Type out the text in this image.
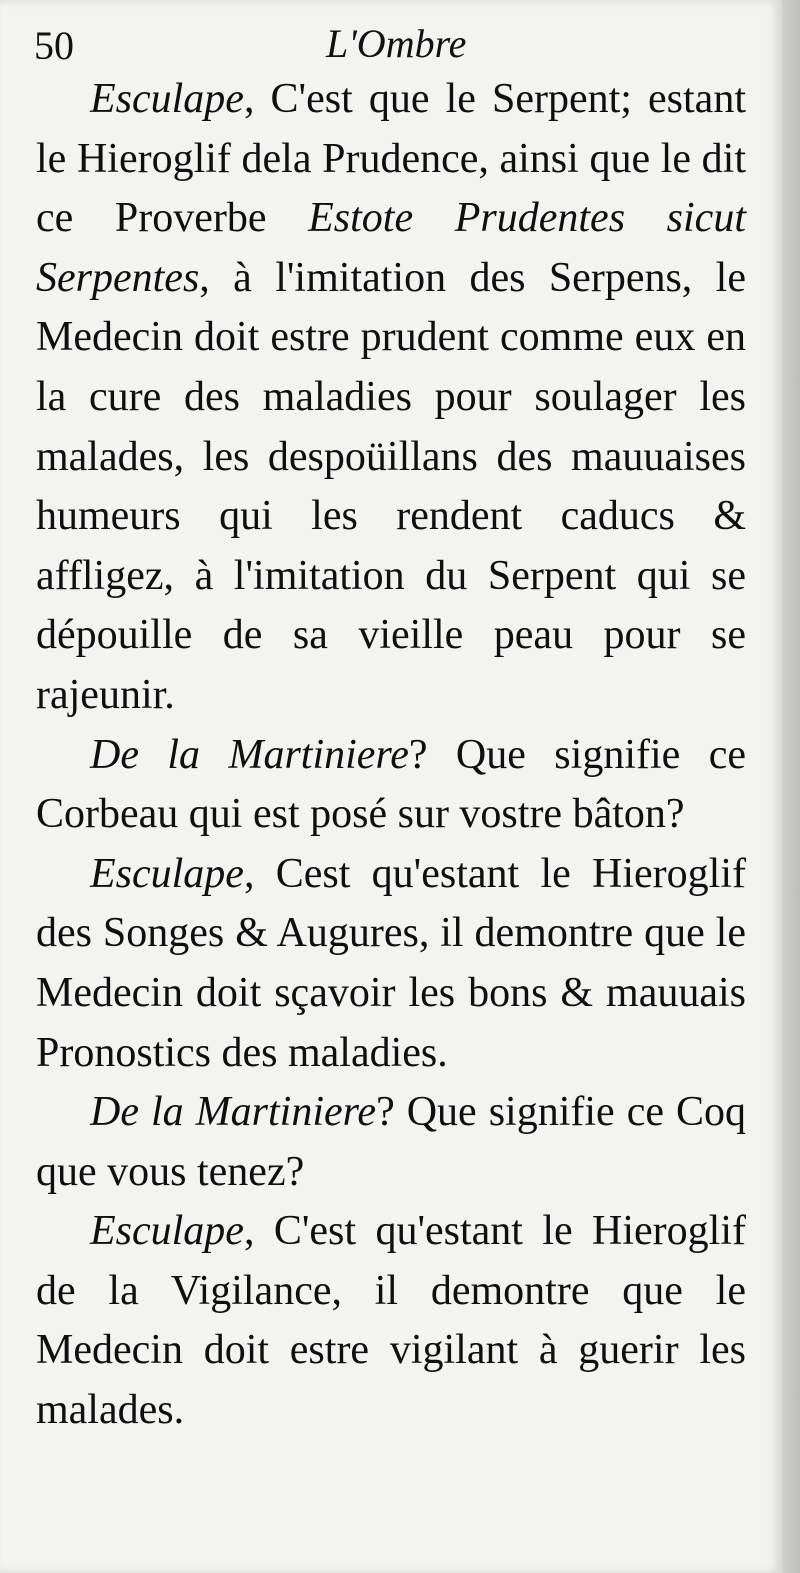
50	L'Ombre

Esculape, C'est que le Serpent; estant le Hieroglif dela Prudence, ainsi que le dit ce Proverbe Estote Prudentes sicut Serpentes, à l'imitation des Serpens, le Medecin doit estre prudent comme eux en la cure des maladies pour soulager les malades, les despoüillans des mauuaises humeurs qui les rendent caducs & affligez, à l'imitation du Serpent qui se dépouille de sa vieille peau pour se rajeunir.

De la Martiniere? Que signifie ce Corbeau qui est posé sur vostre bâton?

Esculape, Cest qu'estant le Hieroglif des Songes & Augures, il demontre que le Medecin doit sçavoir les bons & mauuais Pronostics des maladies.

De la Martiniere? Que signifie ce Coq que vous tenez?

Esculape, C'est qu'estant le Hieroglif de la Vigilance, il demontre que le Medecin doit estre vigilant à guerir les malades.
